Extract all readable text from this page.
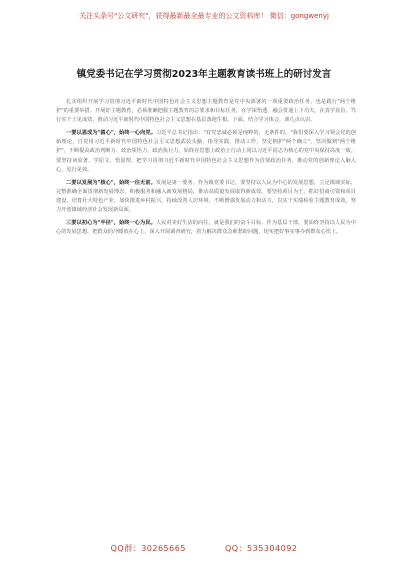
关注头条号"公文研究"，获得最新最全最专业的公文资料库！ 微信：gongwenyj
镇党委书记在学习贯彻2023年主题教育读书班上的研讨发言

扎实组织开展学习贯彻习近平新时代中国特色社会主义思想主题教育是党中央部署的一项重要政治任务，也是践行"两个维护"的重要举措。开展好主题教育，必须准确把握主题教育的总要求和目标任务，在学深悟透、融会贯通上下功夫，在真学真信、笃行实干上见成效，推动习近平新时代中国特色社会主义思想在基层落地生根。下面，结合学习体会，谈几点认识。

一要以恩成为"圆心"，始终一心向党。习近平总书记指出："对党忠诚必须是纯粹的、无条件的。"我们要深入学习领会党的创新理论，自觉用习近平新时代中国特色社会主义思想武装头脑、指导实践、推动工作，坚定拥护"两个确立"、坚决做到"两个维护"，不断提高政治判断力、政治领悟力、政治执行力，始终在思想上政治上行动上同以习近平同志为核心的党中央保持高度一致。要坚持读原著、学原文、悟原理，把学习贯彻习近平新时代中国特色社会主义思想作为首要政治任务，推动党的创新理论入脑入心、见行见效。

二要以发展为"核心"，始终一往无前。发展是第一要务。作为镇党委书记，要坚持以人民为中心的发展思想，立足镇域实际，完整准确全面贯彻新发展理念，积极服务和融入新发展格局，推动高质量发展取得新成效。要坚持项目为王，抓好招商引资和项目建设，培育壮大特色产业，加快推进乡村振兴，持续改善人居环境，不断增强发展动力和活力，以实干实绩检验主题教育成效，努力开创镇域经济社会发展新局面。

三要以初心为"半径"，始终一心为民。人民对美好生活的向往，就是我们的奋斗目标。作为基层干部，要始终坚持以人民为中心的发展思想，把群众的冷暖放在心上，深入开展调查研究，着力解决群众急难愁盼问题，切实把好事实事办到群众心坎上。

QQ群：30265665	QQ：535304092
